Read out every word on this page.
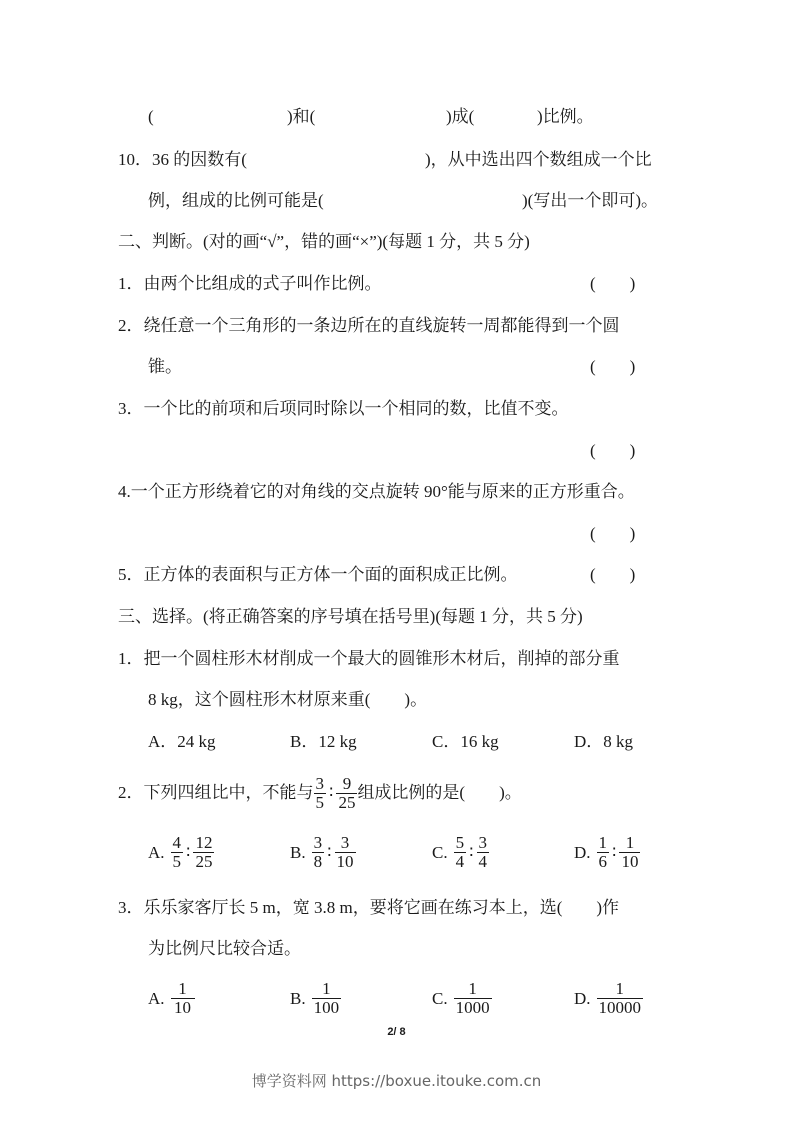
(	)和(	)成(	)比例。
10．36 的因数有(	)，从中选出四个数组成一个比
例，组成的比例可能是(	)(写出一个即可)。
二、判断。(对的画“√”，错的画“×”)(每题 1 分，共 5 分)
1．由两个比组成的式子叫作比例。	(　　)
2．绕任意一个三角形的一条边所在的直线旋转一周都能得到一个圆
锥。	(　　)
3．一个比的前项和后项同时除以一个相同的数，比值不变。
(　　)
4.一个正方形绕着它的对角线的交点旋转 90°能与原来的正方形重合。
(　　)
5．正方体的表面积与正方体一个面的面积成正比例。	(　　)
三、选择。(将正确答案的序号填在括号里)(每题 1 分，共 5 分)
1．把一个圆柱形木材削成一个最大的圆锥形木材后，削掉的部分重
8 kg，这个圆柱形木材原来重(　　)。
A．24 kg	B．12 kg	C．16 kg	D．8 kg
2．下列四组比中，不能与 $\frac{3}{5}$ ∶ $\frac{9}{25}$ 组成比例的是(　　)。
A. $\frac{4}{5}$ ∶ $\frac{12}{25}$	B. $\frac{3}{8}$ ∶ $\frac{3}{10}$	C. $\frac{5}{4}$ ∶ $\frac{3}{4}$	D. $\frac{1}{6}$ ∶ $\frac{1}{10}$
3．乐乐家客厅长 5 m，宽 3.8 m，要将它画在练习本上，选(　　)作
为比例尺比较合适。
A. $\frac{1}{10}$	B. $\frac{1}{100}$	C. $\frac{1}{1000}$	D. $\frac{1}{10000}$
2/ 8
博学资料网 https://boxue.itouke.com.cn
